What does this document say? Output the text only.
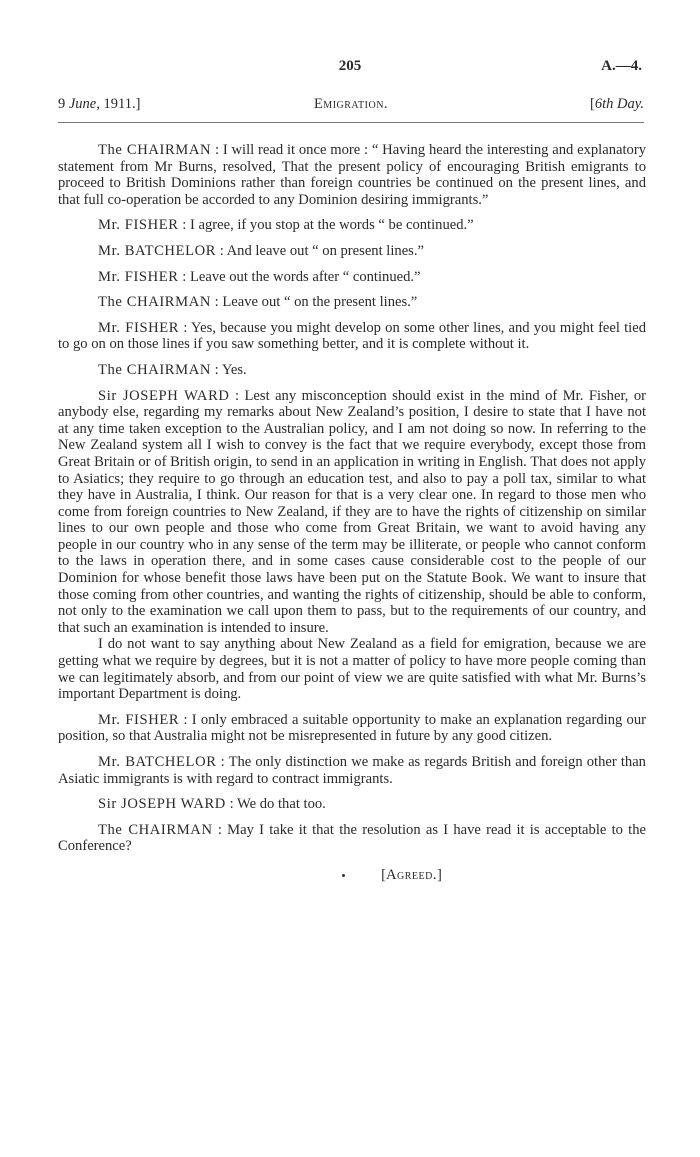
205	A.—4.
9 June, 1911.]	Emigration.	[6th Day.

The CHAIRMAN : I will read it once more : “ Having heard the interesting and explanatory statement from Mr Burns, resolved, That the present policy of encouraging British emigrants to proceed to British Dominions rather than foreign countries be continued on the present lines, and that full co-operation be accorded to any Dominion desiring immigrants.”

Mr. FISHER : I agree, if you stop at the words “ be continued.”

Mr. BATCHELOR : And leave out “ on present lines.”

Mr. FISHER : Leave out the words after “ continued.”

The CHAIRMAN : Leave out “ on the present lines.”

Mr. FISHER : Yes, because you might develop on some other lines, and you might feel tied to go on on those lines if you saw something better, and it is complete without it.

The CHAIRMAN : Yes.

Sir JOSEPH WARD : Lest any misconception should exist in the mind of Mr. Fisher, or anybody else, regarding my remarks about New Zealand’s position, I desire to state that I have not at any time taken exception to the Australian policy, and I am not doing so now. In referring to the New Zealand system all I wish to convey is the fact that we require everybody, except those from Great Britain or of British origin, to send in an application in writing in English. That does not apply to Asiatics; they require to go through an education test, and also to pay a poll tax, similar to what they have in Australia, I think. Our reason for that is a very clear one. In regard to those men who come from foreign countries to New Zealand, if they are to have the rights of citizenship on similar lines to our own people and those who come from Great Britain, we want to avoid having any people in our country who in any sense of the term may be illiterate, or people who cannot conform to the laws in operation there, and in some cases cause considerable cost to the people of our Dominion for whose benefit those laws have been put on the Statute Book. We want to insure that those coming from other countries, and wanting the rights of citizenship, should be able to conform, not only to the examination we call upon them to pass, but to the requirements of our country, and that such an examination is intended to insure.

I do not want to say anything about New Zealand as a field for emigration, because we are getting what we require by degrees, but it is not a matter of policy to have more people coming than we can legitimately absorb, and from our point of view we are quite satisfied with what Mr. Burns’s important Department is doing.

Mr. FISHER : I only embraced a suitable opportunity to make an explanation regarding our position, so that Australia might not be misrepresented in future by any good citizen.

Mr. BATCHELOR : The only distinction we make as regards British and foreign other than Asiatic immigrants is with regard to contract immigrants.

Sir JOSEPH WARD : We do that too.

The CHAIRMAN : May I take it that the resolution as I have read it is acceptable to the Conference?

[Agreed.]
